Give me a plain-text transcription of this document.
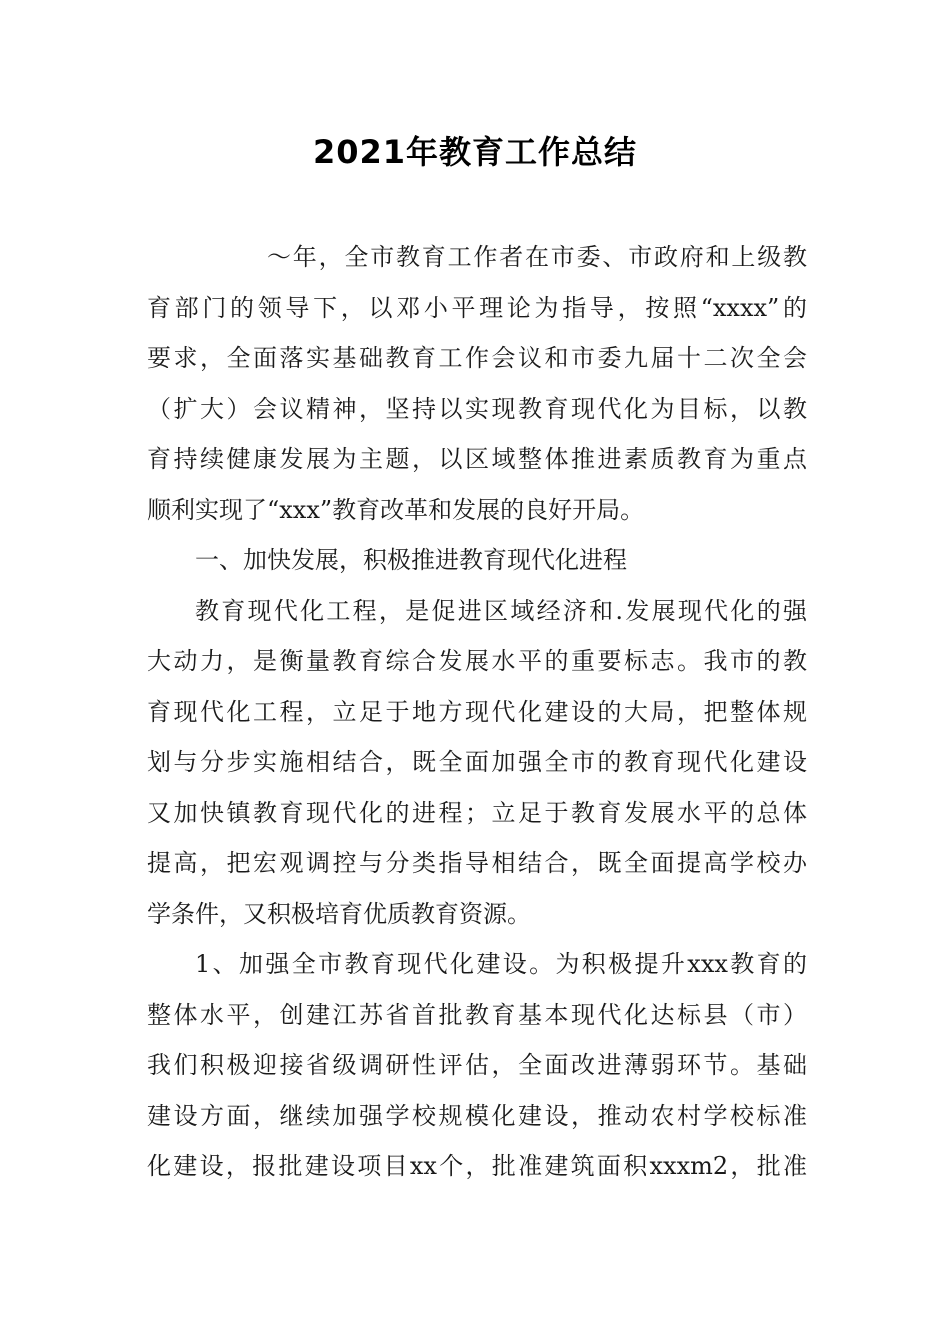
2021年教育工作总结
～年，全市教育工作者在市委、市政府和上级教
育部门的领导下，以邓小平理论为指导，按照“xxxx”的
要求，全面落实基础教育工作会议和市委九届十二次全会
（扩大）会议精神，坚持以实现教育现代化为目标，以教
育持续健康发展为主题，以区域整体推进素质教育为重点
顺利实现了“xxx”教育改革和发展的良好开局。
一、加快发展，积极推进教育现代化进程
教育现代化工程，是促进区域经济和.发展现代化的强
大动力，是衡量教育综合发展水平的重要标志。我市的教
育现代化工程，立足于地方现代化建设的大局，把整体规
划与分步实施相结合，既全面加强全市的教育现代化建设
又加快镇教育现代化的进程；立足于教育发展水平的总体
提高，把宏观调控与分类指导相结合，既全面提高学校办
学条件，又积极培育优质教育资源。
1、加强全市教育现代化建设。为积极提升xxx教育的
整体水平，创建江苏省首批教育基本现代化达标县（市）
我们积极迎接省级调研性评估，全面改进薄弱环节。基础
建设方面，继续加强学校规模化建设，推动农村学校标准
化建设，报批建设项目xx个，批准建筑面积xxxm2，批准
